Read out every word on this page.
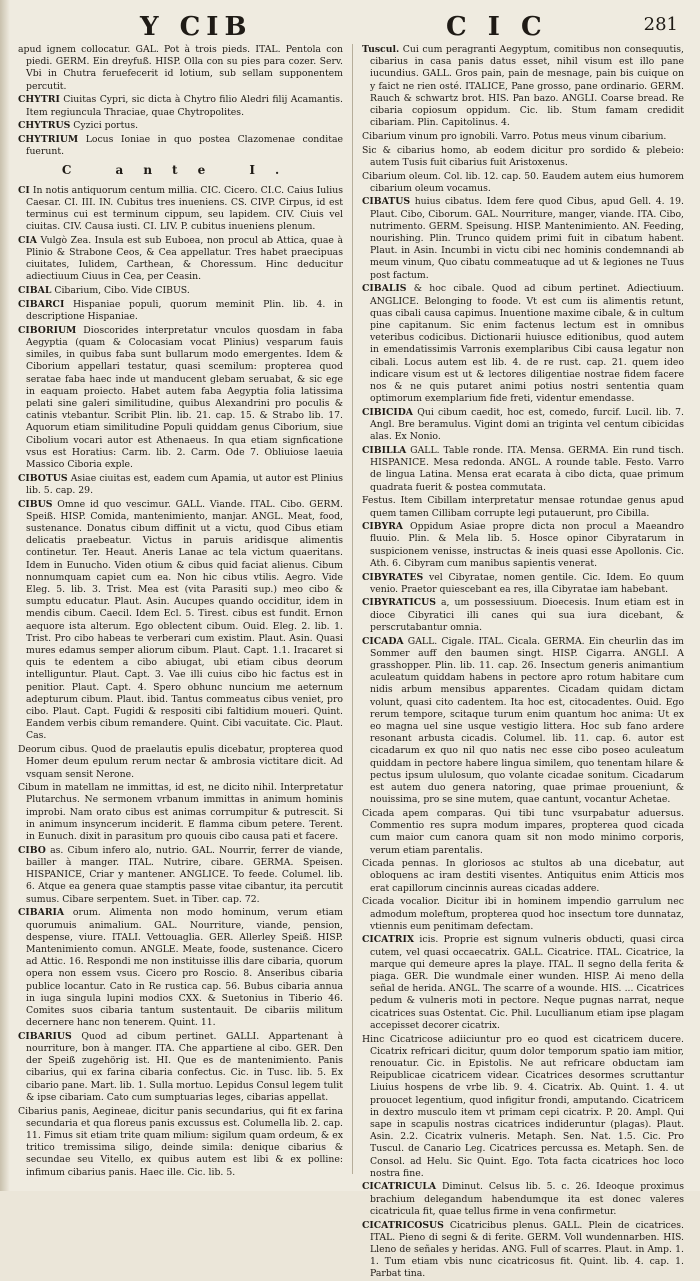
Y CIB	C I C	281

apud ignem collocatur. GAL. Pot à trois pieds. ITAL. Pentola con piedi. GERM. Ein dreyfuß. HISP. Olla con su pies para cozer. Serv. Vbi in Chutra feruefecerit id lotium, sub sellam supponentem percutit.

CHYTRI Ciuitas Cypri, sic dicta à Chytro filio Aledri filij Acamantis. Item regiuncula Thraciae, quae Chytropolites.

CHYTRUS Cyzici portus.

CHYTRIUM Locus Ioniae in quo postea Clazomenae conditae fuerunt.

C ante I.

CI In notis antiquorum centum millia. CIC. Cicero. CI.C. Caius Iulius Caesar. CI. III. IN. Cubitus tres inueniens. CS. CIVP. Cirpus, id est terminus cui est terminum cippum, seu lapidem. CIV. Ciuis vel ciuitas. CIV. Causa iusti. CI. LIV. P. cubitus inueniens plenum.

CIA Vulgò Zea. Insula est sub Euboea, non procul ab Attica, quae à Plinio & Strabone Ceos, & Cea appellatur. Tres habet praecipuas ciuitates, Iulidem, Carthean, & Choressum. Hinc deducitur adiectiuum Ciuus in Cea, per Ceasin.

CIBAL Cibarium, Cibo. Vide CIBUS.

CIBARCI Hispaniae populi, quorum meminit Plin. lib. 4. in descriptione Hispaniae.

CIBORIUM Dioscorides interpretatur vnculos quosdam in faba Aegyptia (quam & Colocasiam vocat Plinius) vesparum fauis similes, in quibus faba sunt bullarum modo emergentes. Idem & Ciborium appellari testatur, quasi scemilum: propterea quod seratae faba haec inde ut manducent glebam seruabat, & sic ege in eaquam proiecto. Habet autem faba Aegyptia folia latissima pelati sine galeri similitudine, quibus Alexandrini pro poculis & catinis vtebantur. Scribit Plin. lib. 21. cap. 15. & Strabo lib. 17. Aquorum etiam similitudine Populi quiddam genus Ciborium, siue Cibolium vocari autor est Athenaeus. In qua etiam signficatione vsus est Horatius: Carm. lib. 2. Carm. Ode 7. Obliuiose laeuia Massico Ciboria exple.

CIBOTUS Asiae ciuitas est, eadem cum Apamia, ut autor est Plinius lib. 5. cap. 29.

CIBUS Omne id quo vescimur. GALL. Viande. ITAL. Cibo. GERM. Speiß. HISP. Comida, mantenimiento, manjar. ANGL. Meat, food, sustenance. Donatus cibum diffinit ut a victu, quod Cibus etiam delicatis praebeatur. Victus in paruis aridisque alimentis continetur. Ter. Heaut. Aneris Lanae ac tela victum quaeritans. Idem in Eunucho. Viden otium & cibus quid faciat alienus. Cibum nonnumquam capiet cum ea. Non hic cibus vtilis. Aegro. Vide Eleg. 5. lib. 3. Trist. Mea est (vita Parasiti sup.) meo cibo & sumptu educatur. Plaut. Asin. Aucupes quando occiditur, idem in mendis cibum. Caecil. Idem Ecl. 5. Tirest. cibus est fundit. Ernon aequore ista alterum. Ego oblectent cibum. Ouid. Eleg. 2. lib. 1. Trist. Pro cibo habeas te verberari cum existim. Plaut. Asin. Quasi mures edamus semper aliorum cibum. Plaut. Capt. 1.1. Iracaret si quis te edentem a cibo abiugat, ubi etiam cibus deorum intelliguntur. Plaut. Capt. 3. Vae illi cuius cibo hic factus est in penitior. Plaut. Capt. 4. Spero obhunc nuncium me aeternum adepturum cibum. Plaut. ibid. Tantus commeatus cibus veniet, pro cibo. Plaut. Capt. Fugidi & respositi cibi faltidium moueri. Quint. Eandem verbis cibum remandere. Quint. Cibi vacuitate. Cic. Plaut. Cas.

Deorum cibus. Quod de praelautis epulis dicebatur, propterea quod Homer deum epulum rerum nectar & ambrosia victitare dicit. Ad vsquam sensit Nerone.

Cibum in matellam ne immittas, id est, ne dicito nihil. Interpretatur Plutarchus. Ne sermonem vrbanum immittas in animum hominis improbi. Nam orato cibus est animas corrumpitur & putrescit. Si in animum insyncerum inciderit. E flamma cibum petere. Terent. in Eunuch. dixit in parasitum pro quouis cibo causa pati et facere.

CIBO as. Cibum infero alo, nutrio. GAL. Nourrir, ferrer de viande, bailler à manger. ITAL. Nutrire, cibare. GERMA. Speisen. HISPANICE, Criar y mantener. ANGLICE. To feede. Columel. lib. 6. Atque ea genera quae stamptis passe vitae cibantur, ita percutit sumus. Cibare serpentem. Suet. in Tiber. cap. 72.

CIBARIA orum. Alimenta non modo hominum, verum etiam quorumuis animalium. GAL. Nourriture, viande, pension, despense, viure. ITALI. Vettouaglia. GER. Allerley Speiß. HISP. Mantenimiento comun. ANGLE. Meate, foode, sustenance. Cicero ad Attic. 16. Respondi me non instituisse illis dare cibaria, quorum opera non essem vsus. Cicero pro Roscio. 8. Anseribus cibaria publice locantur. Cato in Re rustica cap. 56. Bubus cibaria annua in iuga singula lupini modios CXX. & Suetonius in Tiberio 46. Comites suos cibaria tantum sustentauit. De cibariis militum decernere hanc non tenerem. Quint. 11.

CIBARIUS Quod ad cibum pertinet. GALLI. Appartenant à nourriture, bon à manger. ITA. Che appartiene al cibo. GER. Den der Speiß zugehörig ist. HI. Que es de mantenimiento. Panis cibarius, qui ex farina cibaria confectus. Cic. in Tusc. lib. 5. Ex cibario pane. Mart. lib. 1. Sulla mortuo. Lepidus Consul legem tulit & ipse cibariam. Cato cum sumptuarias leges, cibarias appellat.

Cibarius panis, Aegineae, dicitur panis secundarius, qui fit ex farina secundaria et qua floreus panis excussus est. Columella lib. 2. cap. 11. Fimus sit etiam trite quam milium: sigilum quam ordeum, & ex tritico tremissima siligo, deinde simila: denique cibarius & secundae seu Vitello, ex quibus autem est libi & ex polline: infimum cibarius panis. Haec ille. Cic. lib. 5.

Tuscul. Cui cum peragranti Aegyptum, comitibus non consequutis, cibarius in casa panis datus esset, nihil visum est illo pane iucundius. GALL. Gros pain, pain de mesnage, pain bis cuique on y faict ne rien osté. ITALICE, Pane grosso, pane ordinario. GERM. Rauch & schwartz brot. HIS. Pan bazo. ANGLI. Coarse bread. Re cibaria copiosum oppidum. Cic. lib. Stum famam credidit cibariam. Plin. Capitolinus. 4.

Cibarium vinum pro ignobili. Varro. Potus meus vinum cibarium.

Sic & cibarius homo, ab eodem dicitur pro sordido & plebeio: autem Tusis fuit cibarius fuit Aristoxenus.

Cibarium oleum. Col. lib. 12. cap. 50. Eaudem autem eius humorem cibarium oleum vocamus.

CIBATUS huius cibatus. Idem fere quod Cibus, apud Gell. 4. 19. Plaut. Cibo, Ciborum. GAL. Nourriture, manger, viande. ITA. Cibo, nutrimento. GERM. Speisung. HISP. Mantenimiento. AN. Feeding, nourishing. Plin. Trunco quidem primi fuit in cibatum habent. Plaut. in Asin. Incumbi in victu cibi nec hominis condemnandi ab meum vinum, Quo cibatu commeatuque ad ut & legiones ne Tuus post factum.

CIBALIS & hoc cibale. Quod ad cibum pertinet. Adiectiuum. ANGLICE. Belonging to foode. Vt est cum iis alimentis retunt, quas cibali causa capimus. Inuentione maxime cibale, & in cultum pine capitanum. Sic enim factenus lectum est in omnibus veteribus codicibus. Dictionarii huiusce editionibus, quod autem in emendatissimis Varronis exemplaribus Cibi causa legatur non cibali. Locus autem est lib. 4. de re rust. cap. 21. quem ideo indicare visum est ut & lectores diligentiae nostrae fidem facere nos & ne quis putaret animi potius nostri sententia quam optimorum exemplarium fide freti, videntur emendasse.

CIBICIDA Qui cibum caedit, hoc est, comedo, furcif. Lucil. lib. 7. Angl. Bre beramulus. Vigint domi an triginta vel centum cibicidas alas. Ex Nonio.

CIBILLA GALL. Table ronde. ITA. Mensa. GERMA. Ein rund tisch. HISPANICE. Mesa redonda. ANGL. A rounde table. Festo. Varro de lingua Latina. Mensa erat ecarata à cibo dicta, quae primum quadrata fuerit & postea commutata.

Festus. Item Cibillam interpretatur mensae rotundae genus apud quem tamen Cillibam corrupte legi putauerunt, pro Cibilla.

CIBYRA Oppidum Asiae propre dicta non procul a Maeandro fluuio. Plin. & Mela lib. 5. Hosce opinor Cibyratarum in suspicionem venisse, instructas & ineis quasi esse Apollonis. Cic. Ath. 6. Cibyram cum manibus sapientis venerat.

CIBYRATES vel Cibyratae, nomen gentile. Cic. Idem. Eo quum venio. Praetor quiescebant ea res, illa Cibyratae iam habebant.

CIBYRATICUS a, um possessiuum. Dioecesis. Inum etiam est in dioce Cibyratici illi canes qui sua iura dicebant, & perscrutabantur omnia.

CICADA GALL. Cigale. ITAL. Cicala. GERMA. Ein cheurlin das im Sommer auff den baumen singt. HISP. Cigarra. ANGLI. A grasshopper. Plin. lib. 11. cap. 26. Insectum generis animantium aculeatum quiddam habens in pectore apro rotum habitare cum nidis arbum mensibus apparentes. Cicadam quidam dictam volunt, quasi cito cadentem. Ita hoc est, citocadentes. Ouid. Ego rerum tempore, scitaque turum enim quantum hoc anima: Ut ex eo magna uel sine usque vestigio littera. Hoc sub fano ardere resonant arbusta cicadis. Columel. lib. 11. cap. 6. autor est cicadarum ex quo nil quo natis nec esse cibo poseo aculeatum quiddam in pectore habere lingua similem, quo tenentam hilare & pectus ipsum ululosum, quo volante cicadae sonitum. Cicadarum est autem duo genera natoring, quae primae proueniunt, & nouissima, pro se sine mutem, quae cantunt, vocantur Achetae.

Cicada apem comparas. Qui tibi tunc vsurpabatur aduersus. Commentio res supra modum impares, propterea quod cicada cum maior cum canora quam sit non modo minimo corporis, verum etiam parentalis.

Cicada pennas. In gloriosos ac stultos ab una dicebatur, aut obloquens ac iram destiti visentes. Antiquitus enim Atticis mos erat capillorum cincinnis aureas cicadas addere.

Cicada vocalior. Dicitur ibi in hominem impendio garrulum nec admodum moleftum, propterea quod hoc insectum tore dunnataz, vtiennis eum penitimam defectam.

CICATRIX icis. Proprie est signum vulneris obducti, quasi circa cutem, vel quasi occaecatrix. GALL. Cicatrice. ITAL. Cicatrice, la marque qui demeure apres la playe. ITAL. Il segno della ferita & piaga. GER. Die wundmale einer wunden. HISP. Ai meno della señal de herida. ANGL. The scarre of a wounde. HIS. ... Cicatrices pedum & vulneris moti in pectore. Neque pugnas narrat, neque cicatrices suas Ostentat. Cic. Phil. Lucullianum etiam ipse plagam accepisset decorer cicatrix.

Hinc Cicatricose adiiciuntur pro eo quod est cicatricem ducere. Cicatrix refricari dicitur, quum dolor temporum spatio iam mitior, renouatur. Cic. in Epistolis. Ne aut refricare obductam iam Reipublicae cicatricem videar. Cicatrices desormes scruttantur Liuius hospens de vrbe lib. 9. 4. Cicatrix. Ab. Quint. 1. 4. ut prouocet legentium, quod infigitur frondi, amputando. Cicatricem in dextro musculo item vt primam cepi cicatrix. P. 20. Ampl. Qui sape in scapulis nostras cicatrices indideruntur (plagas). Plaut. Asin. 2.2. Cicatrix vulneris. Metaph. Sen. Nat. 1.5. Cic. Pro Tuscul. de Canario Leg. Cicatrices percussa es. Metaph. Sen. de Consol. ad Helu. Sic Quint. Ego. Tota facta cicatrices hoc loco nostra fine.

CICATRICULA Diminut. Celsus lib. 5. c. 26. Ideoque proximus brachium delegandum habendumque ita est donec valeres cicatricula fit, quae tellus firme in vena confirmetur.

CICATRICOSUS Cicatricibus plenus. GALL. Plein de cicatrices. ITAL. Pieno di segni & di ferite. GERM. Voll wundennarben. HIS. Lleno de señales y heridas. ANG. Full of scarres. Plaut. in Amp. 1. 1. Tum etiam vbis nunc cicatricosus fit. Quint. lib. 4. cap. 1. Parbat tina.
